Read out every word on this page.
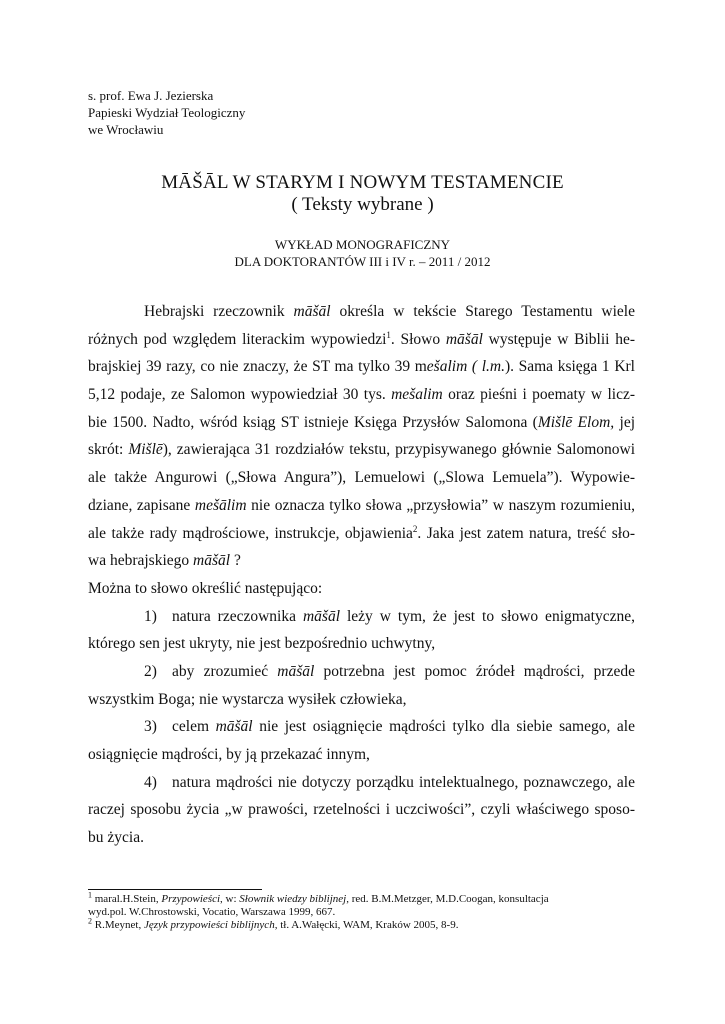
s. prof. Ewa J. Jezierska
Papieski Wydział Teologiczny
we Wrocławiu
MĀŠĀL W STARYM I NOWYM TESTAMENCIE
( Teksty wybrane )
WYKŁAD MONOGRAFICZNY
DLA DOKTORANTÓW III i IV r. – 2011 / 2012
Hebrajski rzeczownik māšāl określa w tekście Starego Testamentu wiele
różnych pod względem literackim wypowiedzi$^1$. Słowo māšāl występuje w Biblii he-
brajskiej 39 razy, co nie znaczy, że ST ma tylko 39 mešalim ( l.m.). Sama księga 1 Krl
5,12 podaje, ze Salomon wypowiedział 30 tys. mešalim oraz pieśni i poematy w licz-
bie 1500. Nadto, wśród ksiąg ST istnieje Księga Przysłów Salomona (Mišlē Elom, jej
skrót: Mišlē), zawierająca 31 rozdziałów tekstu, przypisywanego głównie Salomonowi
ale także Angurowi („Słowa Angura”), Lemuelowi („Slowa Lemuela”). Wypowie-
dziane, zapisane mešālim nie oznacza tylko słowa „przysłowia” w naszym rozumieniu,
ale także rady mądrościowe, instrukcje, objawienia$^2$. Jaka jest zatem natura, treść sło-
wa hebrajskiego māšāl ?
Można to słowo określić następująco:
1) natura rzeczownika māšāl leży w tym, że jest to słowo enigmatyczne,
którego sen jest ukryty, nie jest bezpośrednio uchwytny,
2) aby zrozumieć māšāl potrzebna jest pomoc źródeł mądrości, przede
wszystkim Boga; nie wystarcza wysiłek człowieka,
3) celem māšāl nie jest osiągnięcie mądrości tylko dla siebie samego, ale
osiągnięcie mądrości, by ją przekazać innym,
4) natura mądrości nie dotyczy porządku intelektualnego, poznawczego, ale
raczej sposobu życia „w prawości, rzetelności i uczciwości”, czyli właściwego sposo-
bu życia.
$^1$ maral.H.Stein, Przypowieści, w: Słownik wiedzy biblijnej, red. B.M.Metzger, M.D.Coogan, konsultacja
wyd.pol. W.Chrostowski, Vocatio, Warszawa 1999, 667.
$^2$ R.Meynet, Język przypowieści biblijnych, tł. A.Wałęcki, WAM, Kraków 2005, 8-9.
